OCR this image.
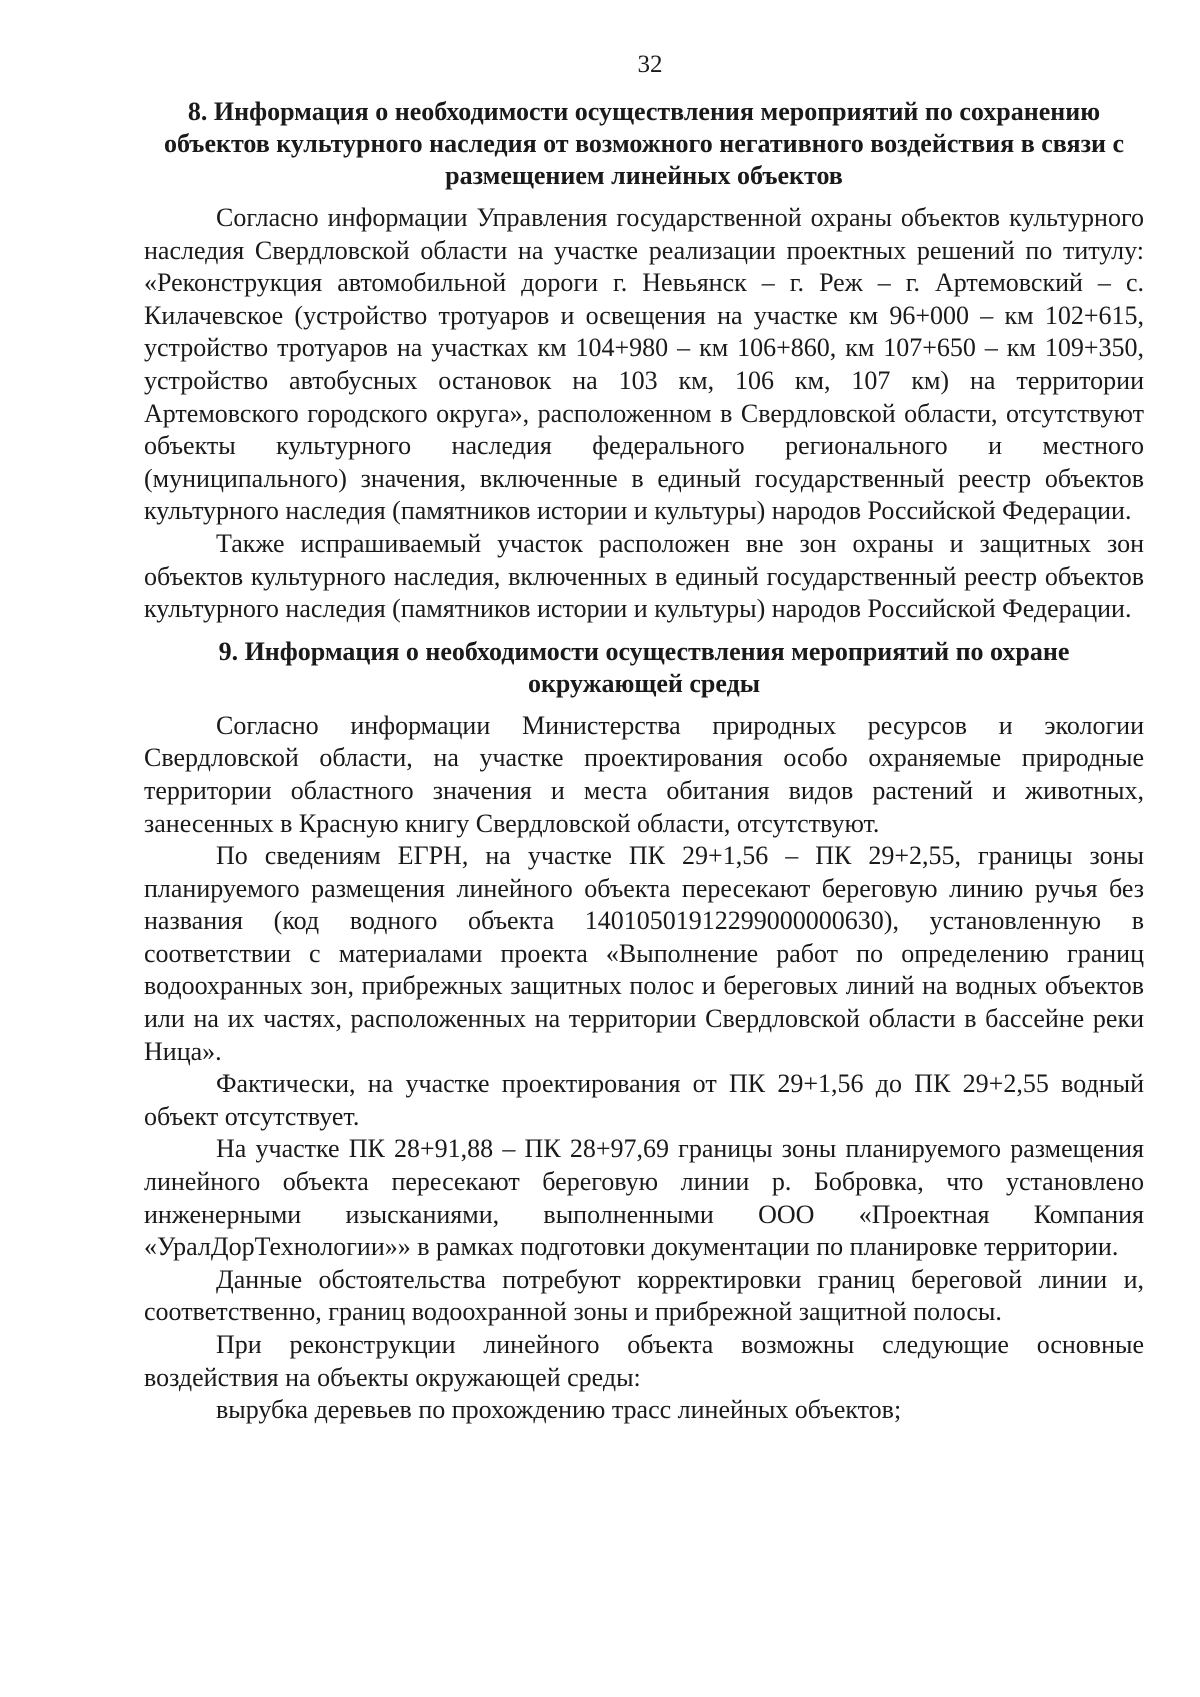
32
8. Информация о необходимости осуществления мероприятий по сохранению объектов культурного наследия от возможного негативного воздействия в связи с размещением линейных объектов

Согласно информации Управления государственной охраны объектов культурного наследия Свердловской области на участке реализации проектных решений по титулу: «Реконструкция автомобильной дороги г. Невьянск – г. Реж – г. Артемовский – с. Килачевское (устройство тротуаров и освещения на участке км 96+000 – км 102+615, устройство тротуаров на участках км 104+980 – км 106+860, км 107+650 – км 109+350, устройство автобусных остановок на 103 км, 106 км, 107 км) на территории Артемовского городского округа», расположенном в Свердловской области, отсутствуют объекты культурного наследия федерального регионального и местного (муниципального) значения, включенные в единый государственный реестр объектов культурного наследия (памятников истории и культуры) народов Российской Федерации.

Также испрашиваемый участок расположен вне зон охраны и защитных зон объектов культурного наследия, включенных в единый государственный реестр объектов культурного наследия (памятников истории и культуры) народов Российской Федерации.

9. Информация о необходимости осуществления мероприятий по охране окружающей среды

Согласно информации Министерства природных ресурсов и экологии Свердловской области, на участке проектирования особо охраняемые природные территории областного значения и места обитания видов растений и животных, занесенных в Красную книгу Свердловской области, отсутствуют.

По сведениям ЕГРН, на участке ПК 29+1,56 – ПК 29+2,55, границы зоны планируемого размещения линейного объекта пересекают береговую линию ручья без названия (код водного объекта 14010501912299000000630), установленную в соответствии с материалами проекта «Выполнение работ по определению границ водоохранных зон, прибрежных защитных полос и береговых линий на водных объектов или на их частях, расположенных на территории Свердловской области в бассейне реки Ница».

Фактически, на участке проектирования от ПК 29+1,56 до ПК 29+2,55 водный объект отсутствует.

На участке ПК 28+91,88 – ПК 28+97,69 границы зоны планируемого размещения линейного объекта пересекают береговую линии р. Бобровка, что установлено инженерными изысканиями, выполненными ООО «Проектная Компания «УралДорТехнологии»» в рамках подготовки документации по планировке территории.

Данные обстоятельства потребуют корректировки границ береговой линии и, соответственно, границ водоохранной зоны и прибрежной защитной полосы.

При реконструкции линейного объекта возможны следующие основные воздействия на объекты окружающей среды:

вырубка деревьев по прохождению трасс линейных объектов;
